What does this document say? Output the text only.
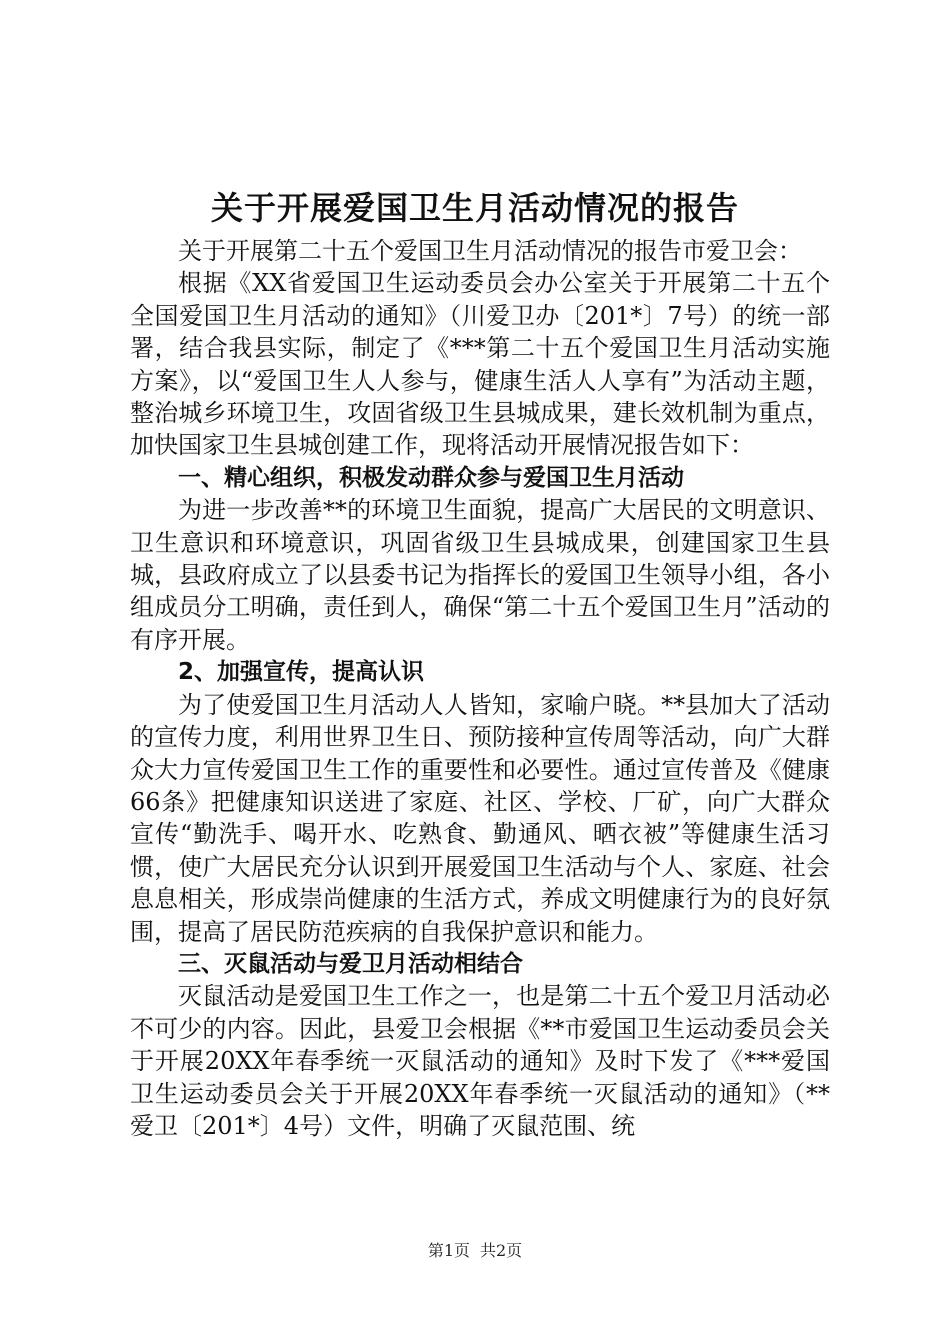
关于开展爱国卫生月活动情况的报告

关于开展第二十五个爱国卫生月活动情况的报告市爱卫会：

根据《XX省爱国卫生运动委员会办公室关于开展第二十五个全国爱国卫生月活动的通知》（川爱卫办〔201*〕7号）的统一部署，结合我县实际，制定了《***第二十五个爱国卫生月活动实施方案》，以“爱国卫生人人参与，健康生活人人享有”为活动主题，整治城乡环境卫生，攻固省级卫生县城成果，建长效机制为重点，加快国家卫生县城创建工作，现将活动开展情况报告如下：

一、精心组织，积极发动群众参与爱国卫生月活动

为进一步改善**的环境卫生面貌，提高广大居民的文明意识、卫生意识和环境意识，巩固省级卫生县城成果，创建国家卫生县城，县政府成立了以县委书记为指挥长的爱国卫生领导小组，各小组成员分工明确，责任到人，确保“第二十五个爱国卫生月”活动的有序开展。

2、加强宣传，提高认识

为了使爱国卫生月活动人人皆知，家喻户晓。**县加大了活动的宣传力度，利用世界卫生日、预防接种宣传周等活动，向广大群众大力宣传爱国卫生工作的重要性和必要性。通过宣传普及《健康66条》把健康知识送进了家庭、社区、学校、厂矿，向广大群众宣传“勤洗手、喝开水、吃熟食、勤通风、晒衣被”等健康生活习惯，使广大居民充分认识到开展爱国卫生活动与个人、家庭、社会息息相关，形成崇尚健康的生活方式，养成文明健康行为的良好氛围，提高了居民防范疾病的自我保护意识和能力。

三、灭鼠活动与爱卫月活动相结合

灭鼠活动是爱国卫生工作之一，也是第二十五个爱卫月活动必不可少的内容。因此，县爱卫会根据《**市爱国卫生运动委员会关于开展20XX年春季统一灭鼠活动的通知》及时下发了《***爱国卫生运动委员会关于开展20XX年春季统一灭鼠活动的通知》（**爱卫〔201*〕4号）文件，明确了灭鼠范围、统

第1页 共2页
